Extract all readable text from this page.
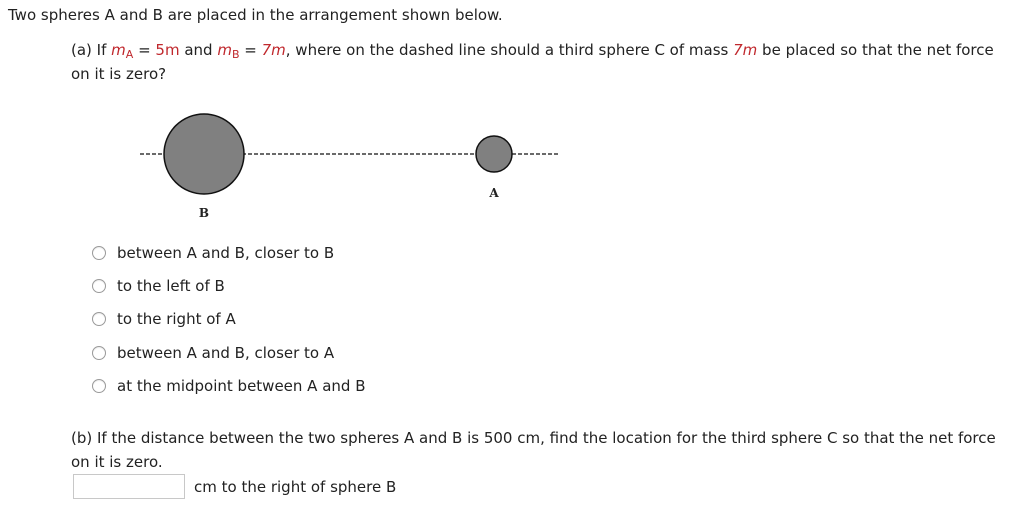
Two spheres A and B are placed in the arrangement shown below.
(a) If $m_A = 5m$ and $m_B = 7m$, where on the dashed line should a third sphere C of mass 7m be placed so that the net force on it is zero?
A
B
between A and B, closer to B
to the left of B
to the right of A
between A and B, closer to A
at the midpoint between A and B
(b) If the distance between the two spheres A and B is 500 cm, find the location for the third sphere C so that the net force on it is zero.
cm to the right of sphere B
